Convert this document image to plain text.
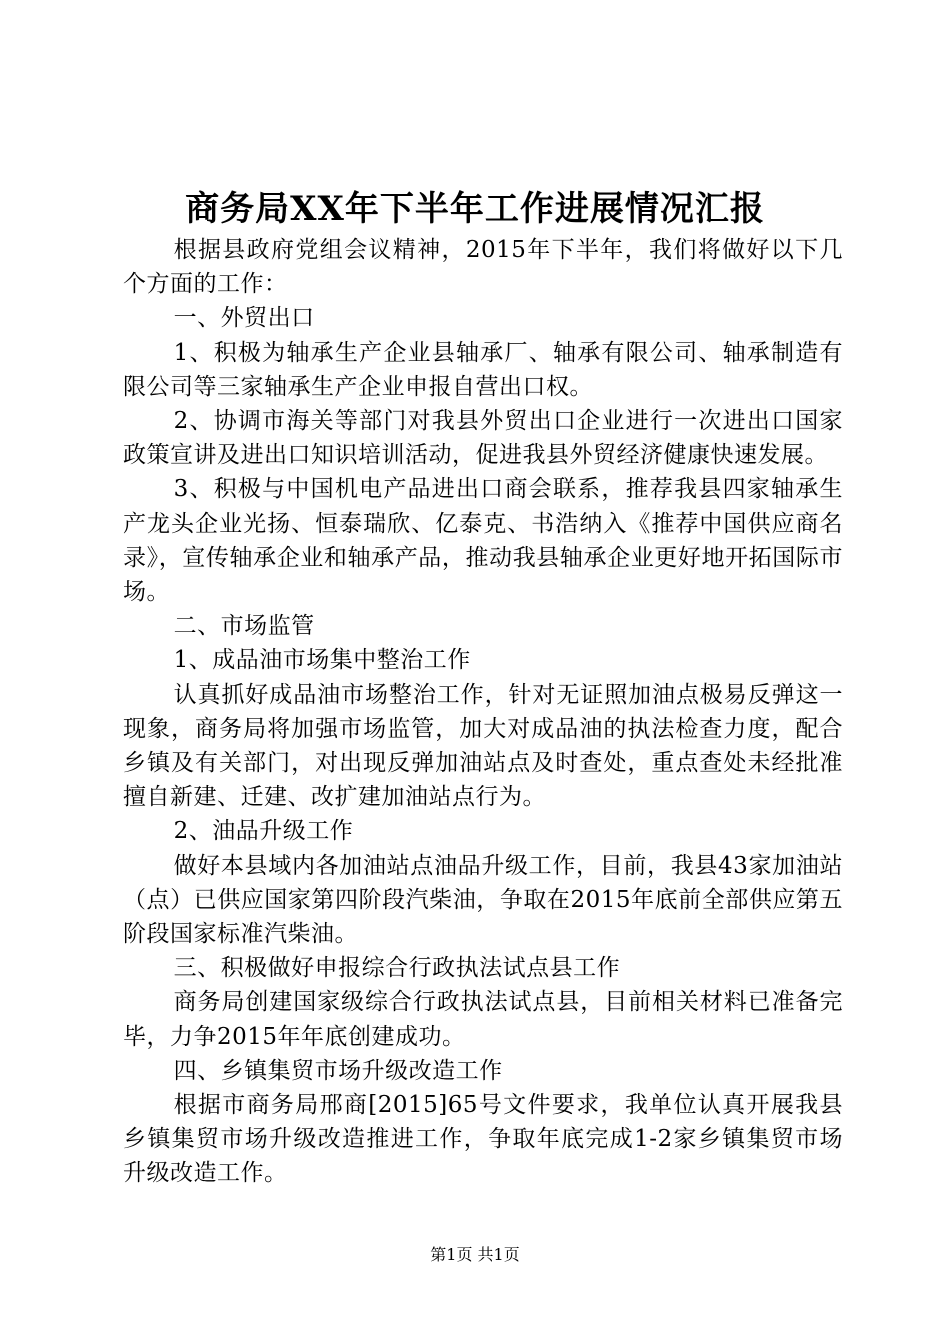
商务局XX年下半年工作进展情况汇报

根据县政府党组会议精神，2015年下半年，我们将做好以下几个方面的工作：

一、外贸出口

1、积极为轴承生产企业县轴承厂、轴承有限公司、轴承制造有限公司等三家轴承生产企业申报自营出口权。

2、协调市海关等部门对我县外贸出口企业进行一次进出口国家政策宣讲及进出口知识培训活动，促进我县外贸经济健康快速发展。

3、积极与中国机电产品进出口商会联系，推荐我县四家轴承生产龙头企业光扬、恒泰瑞欣、亿泰克、书浩纳入《推荐中国供应商名录》，宣传轴承企业和轴承产品，推动我县轴承企业更好地开拓国际市场。

二、市场监管

1、成品油市场集中整治工作

认真抓好成品油市场整治工作，针对无证照加油点极易反弹这一现象，商务局将加强市场监管，加大对成品油的执法检查力度，配合乡镇及有关部门，对出现反弹加油站点及时查处，重点查处未经批准擅自新建、迁建、改扩建加油站点行为。

2、油品升级工作

做好本县域内各加油站点油品升级工作，目前，我县43家加油站（点）已供应国家第四阶段汽柴油，争取在2015年底前全部供应第五阶段国家标准汽柴油。

三、积极做好申报综合行政执法试点县工作

商务局创建国家级综合行政执法试点县，目前相关材料已准备完毕，力争2015年年底创建成功。

四、乡镇集贸市场升级改造工作

根据市商务局邢商[2015]65号文件要求，我单位认真开展我县乡镇集贸市场升级改造推进工作，争取年底完成1-2家乡镇集贸市场升级改造工作。

第1页 共1页
